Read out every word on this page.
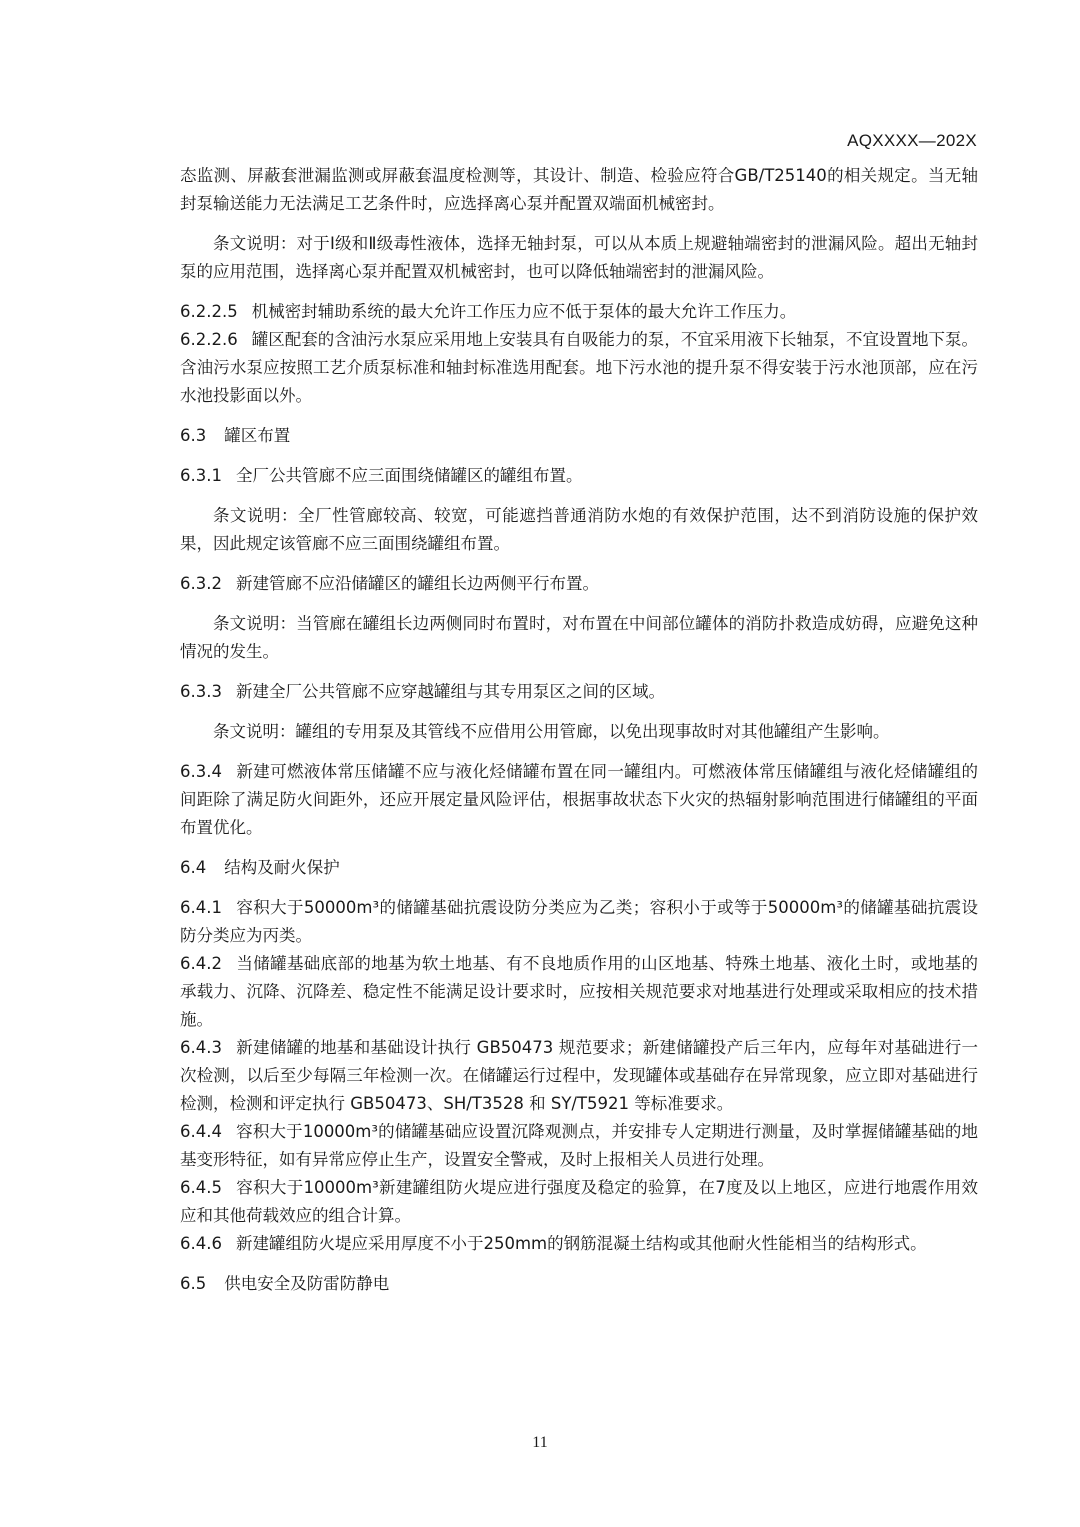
AQXXXX—202X

态监测、屏蔽套泄漏监测或屏蔽套温度检测等，其设计、制造、检验应符合GB/T25140的相关规定。当无轴封泵输送能力无法满足工艺条件时，应选择离心泵并配置双端面机械密封。

条文说明：对于Ⅰ级和Ⅱ级毒性液体，选择无轴封泵，可以从本质上规避轴端密封的泄漏风险。超出无轴封泵的应用范围，选择离心泵并配置双机械密封，也可以降低轴端密封的泄漏风险。

6.2.2.5 机械密封辅助系统的最大允许工作压力应不低于泵体的最大允许工作压力。

6.2.2.6 罐区配套的含油污水泵应采用地上安装具有自吸能力的泵，不宜采用液下长轴泵，不宜设置地下泵。含油污水泵应按照工艺介质泵标准和轴封标准选用配套。地下污水池的提升泵不得安装于污水池顶部，应在污水池投影面以外。

6.3 罐区布置

6.3.1 全厂公共管廊不应三面围绕储罐区的罐组布置。

条文说明：全厂性管廊较高、较宽，可能遮挡普通消防水炮的有效保护范围，达不到消防设施的保护效果，因此规定该管廊不应三面围绕罐组布置。

6.3.2 新建管廊不应沿储罐区的罐组长边两侧平行布置。

条文说明：当管廊在罐组长边两侧同时布置时，对布置在中间部位罐体的消防扑救造成妨碍，应避免这种情况的发生。

6.3.3 新建全厂公共管廊不应穿越罐组与其专用泵区之间的区域。

条文说明：罐组的专用泵及其管线不应借用公用管廊，以免出现事故时对其他罐组产生影响。

6.3.4 新建可燃液体常压储罐不应与液化烃储罐布置在同一罐组内。可燃液体常压储罐组与液化烃储罐组的间距除了满足防火间距外，还应开展定量风险评估，根据事故状态下火灾的热辐射影响范围进行储罐组的平面布置优化。

6.4 结构及耐火保护

6.4.1 容积大于50000m³的储罐基础抗震设防分类应为乙类；容积小于或等于50000m³的储罐基础抗震设防分类应为丙类。

6.4.2 当储罐基础底部的地基为软土地基、有不良地质作用的山区地基、特殊土地基、液化土时，或地基的承载力、沉降、沉降差、稳定性不能满足设计要求时，应按相关规范要求对地基进行处理或采取相应的技术措施。

6.4.3 新建储罐的地基和基础设计执行 GB50473 规范要求；新建储罐投产后三年内，应每年对基础进行一次检测，以后至少每隔三年检测一次。在储罐运行过程中，发现罐体或基础存在异常现象，应立即对基础进行检测，检测和评定执行 GB50473、SH/T3528 和 SY/T5921 等标准要求。

6.4.4 容积大于10000m³的储罐基础应设置沉降观测点，并安排专人定期进行测量，及时掌握储罐基础的地基变形特征，如有异常应停止生产，设置安全警戒，及时上报相关人员进行处理。

6.4.5 容积大于10000m³新建罐组防火堤应进行强度及稳定的验算，在7度及以上地区，应进行地震作用效应和其他荷载效应的组合计算。

6.4.6 新建罐组防火堤应采用厚度不小于250mm的钢筋混凝土结构或其他耐火性能相当的结构形式。

6.5 供电安全及防雷防静电

11
